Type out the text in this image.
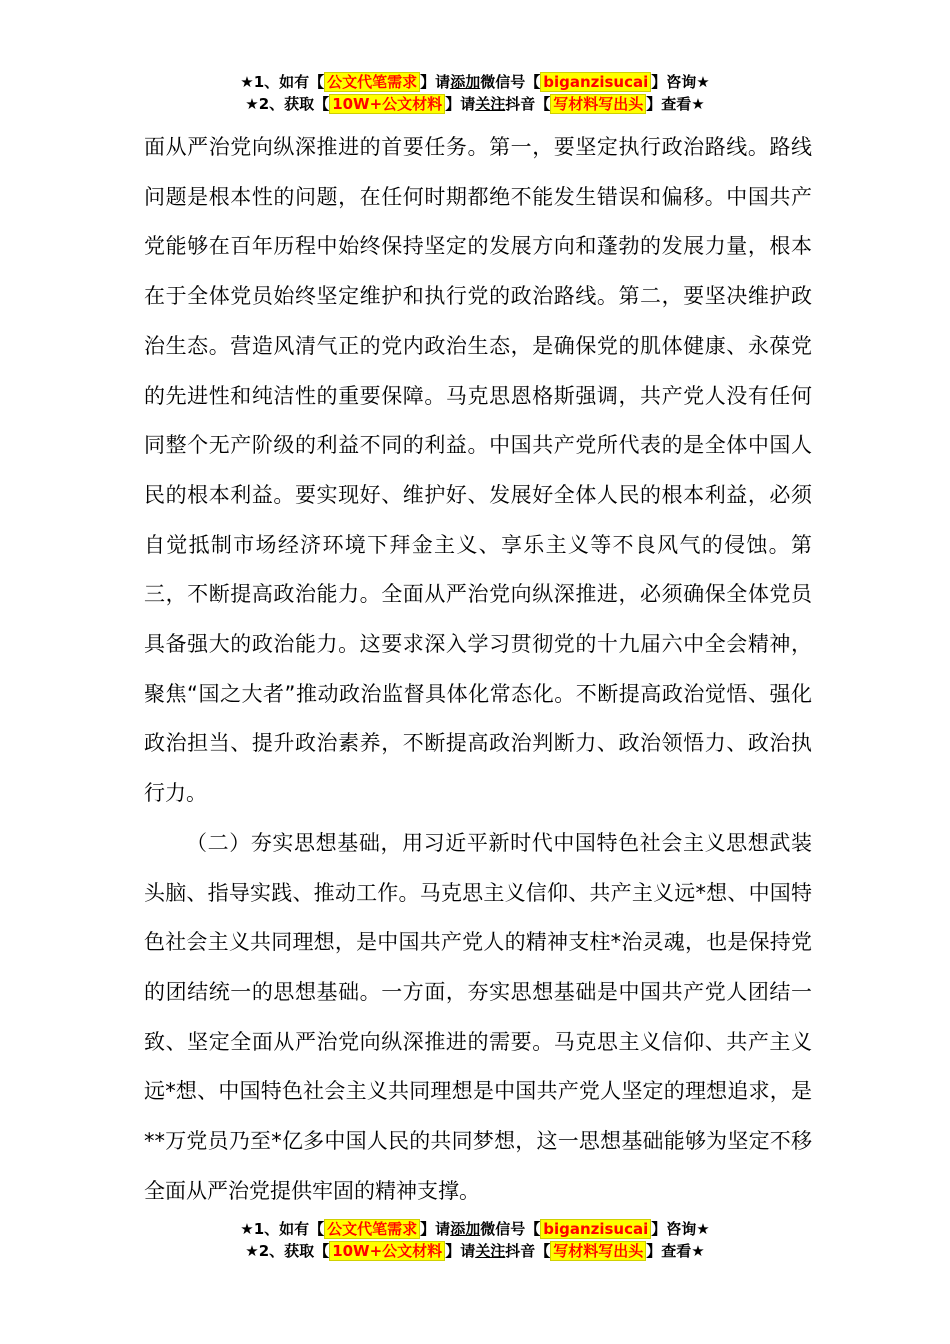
★1、如有【 公文代笔需求 】请添加微信号【 biganzisucai 】咨询★
★2、获取【 10W+公文材料 】请关注抖音【 写材料写出头 】查看★

面从严治党向纵深推进的首要任务。第一，要坚定执行政治路线。路线问题是根本性的问题，在任何时期都绝不能发生错误和偏移。中国共产党能够在百年历程中始终保持坚定的发展方向和蓬勃的发展力量，根本在于全体党员始终坚定维护和执行党的政治路线。第二，要坚决维护政治生态。营造风清气正的党内政治生态，是确保党的肌体健康、永葆党的先进性和纯洁性的重要保障。马克思恩格斯强调，共产党人没有任何同整个无产阶级的利益不同的利益。中国共产党所代表的是全体中国人民的根本利益。要实现好、维护好、发展好全体人民的根本利益，必须自觉抵制市场经济环境下拜金主义、享乐主义等不良风气的侵蚀。第三，不断提高政治能力。全面从严治党向纵深推进，必须确保全体党员具备强大的政治能力。这要求深入学习贯彻党的十九届六中全会精神，聚焦“国之大者”推动政治监督具体化常态化。不断提高政治觉悟、强化政治担当、提升政治素养，不断提高政治判断力、政治领悟力、政治执行力。

（二）夯实思想基础，用习近平新时代中国特色社会主义思想武装头脑、指导实践、推动工作。马克思主义信仰、共产主义远*想、中国特色社会主义共同理想，是中国共产党人的精神支柱*治灵魂，也是保持党的团结统一的思想基础。一方面，夯实思想基础是中国共产党人团结一致、坚定全面从严治党向纵深推进的需要。马克思主义信仰、共产主义远*想、中国特色社会主义共同理想是中国共产党人坚定的理想追求，是**万党员乃至*亿多中国人民的共同梦想，这一思想基础能够为坚定不移全面从严治党提供牢固的精神支撑。

★1、如有【 公文代笔需求 】请添加微信号【 biganzisucai 】咨询★
★2、获取【 10W+公文材料 】请关注抖音【 写材料写出头 】查看★
